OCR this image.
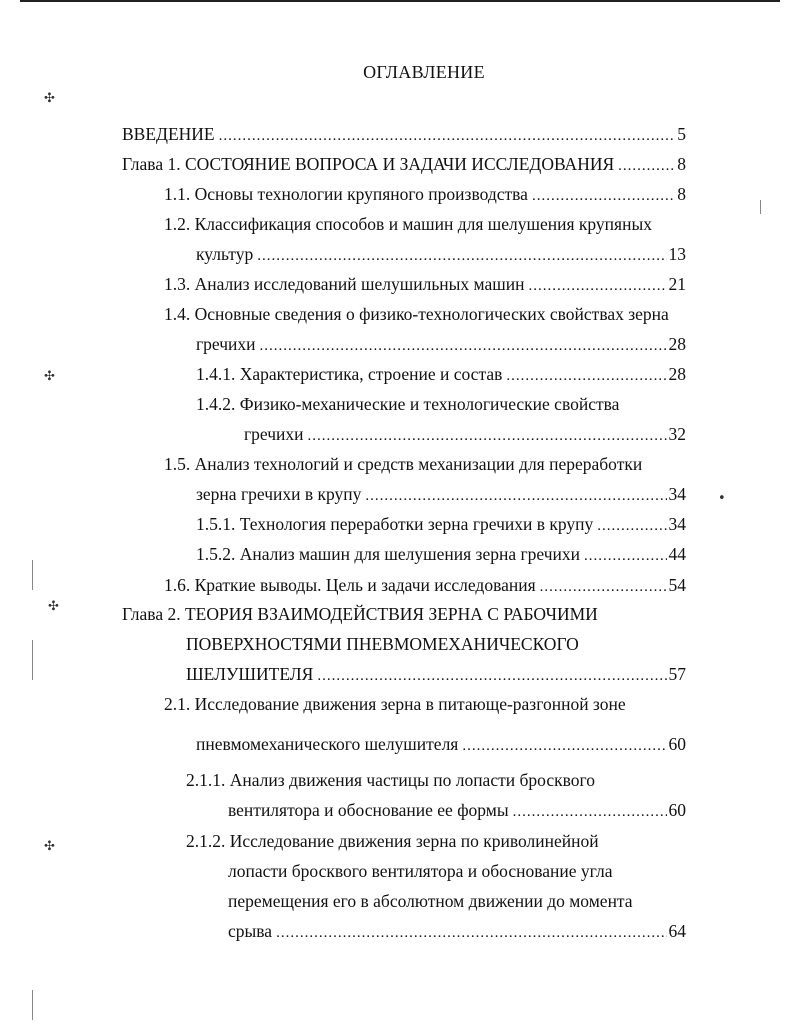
✣
✣
✣
✣
•
ОГЛАВЛЕНИЕ
ВВЕДЕНИЕ .....	5
Глава 1. СОСТОЯНИЕ ВОПРОСА И ЗАДАЧИ ИССЛЕДОВАНИЯ .....	8
1.1. Основы технологии крупяного производства .....	8
1.2. Классификация способов и машин для шелушения крупяных
культур .....	13
1.3. Анализ исследований шелушильных машин .....	21
1.4. Основные сведения о физико-технологических свойствах зерна
гречихи .....	28
1.4.1. Характеристика, строение и состав .....	28
1.4.2. Физико-механические и технологические свойства
гречихи .....	32
1.5. Анализ технологий и средств механизации для переработки
зерна гречихи в крупу .....	34
1.5.1. Технология переработки зерна гречихи в крупу .....	34
1.5.2. Анализ машин для шелушения зерна гречихи .....	44
1.6. Краткие выводы. Цель и задачи исследования .....	54
Глава 2. ТЕОРИЯ ВЗАИМОДЕЙСТВИЯ ЗЕРНА С РАБОЧИМИ
ПОВЕРХНОСТЯМИ ПНЕВМОМЕХАНИЧЕСКОГО
ШЕЛУШИТЕЛЯ .....	57
2.1. Исследование движения зерна в питающе-разгонной зоне
пневмомеханического шелушителя .....	60
2.1.1. Анализ движения частицы по лопасти бросквого
вентилятора и обоснование ее формы .....	60
2.1.2. Исследование движения зерна по криволинейной
лопасти бросквого вентилятора и обоснование угла
перемещения его в абсолютном движении до момента
срыва .....	64
